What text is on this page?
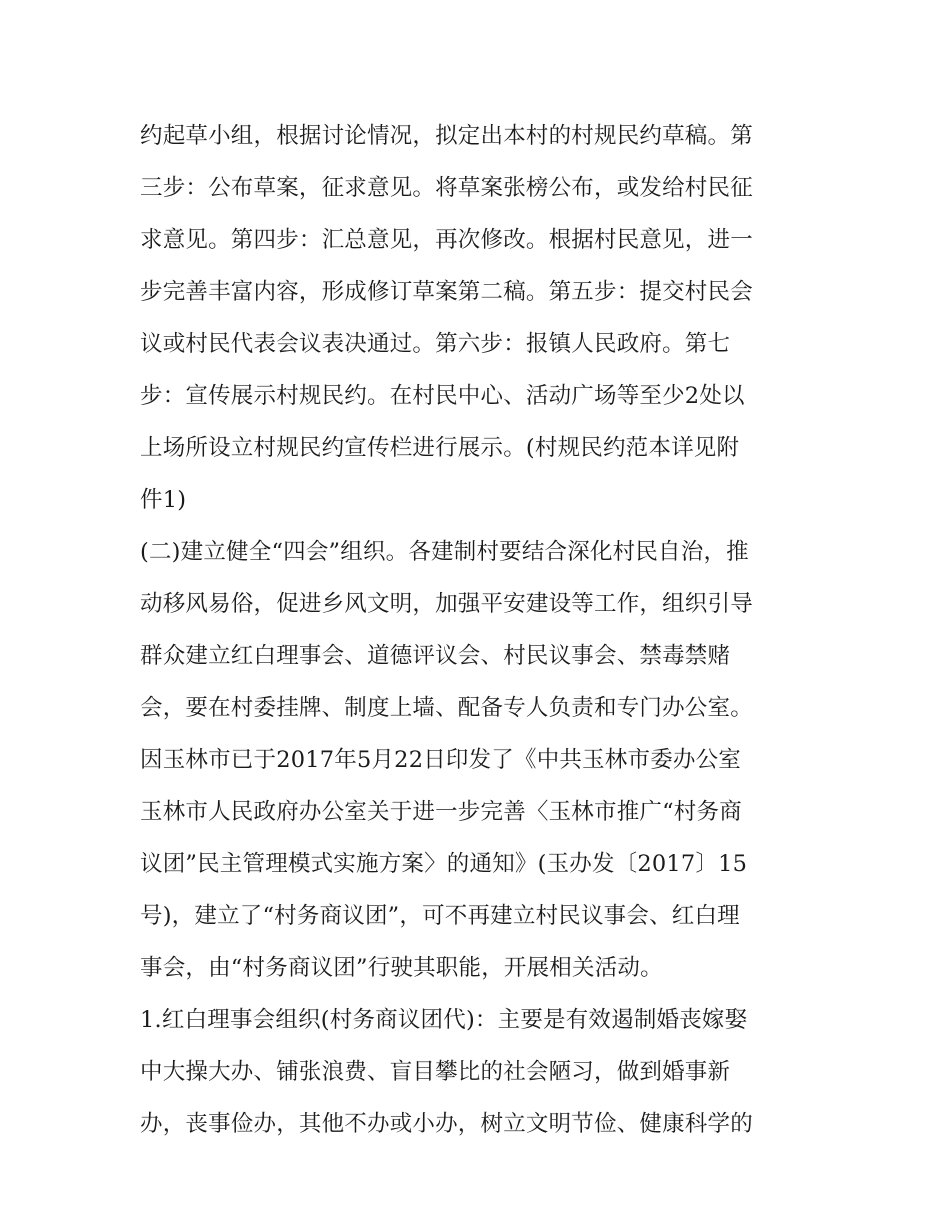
约起草小组，根据讨论情况，拟定出本村的村规民约草稿。第
三步：公布草案，征求意见。将草案张榜公布，或发给村民征
求意见。第四步：汇总意见，再次修改。根据村民意见，进一
步完善丰富内容，形成修订草案第二稿。第五步：提交村民会
议或村民代表会议表决通过。第六步：报镇人民政府。第七
步：宣传展示村规民约。在村民中心、活动广场等至少2处以
上场所设立村规民约宣传栏进行展示。(村规民约范本详见附
件1)
(二)建立健全“四会”组织。各建制村要结合深化村民自治，推
动移风易俗，促进乡风文明，加强平安建设等工作，组织引导
群众建立红白理事会、道德评议会、村民议事会、禁毒禁赌
会，要在村委挂牌、制度上墙、配备专人负责和专门办公室。
因玉林市已于2017年5月22日印发了《中共玉林市委办公室
玉林市人民政府办公室关于进一步完善〈玉林市推广“村务商
议团”民主管理模式实施方案〉的通知》(玉办发〔2017〕15
号)，建立了“村务商议团”，可不再建立村民议事会、红白理
事会，由“村务商议团”行驶其职能，开展相关活动。
1.红白理事会组织(村务商议团代)：主要是有效遏制婚丧嫁娶
中大操大办、铺张浪费、盲目攀比的社会陋习，做到婚事新
办，丧事俭办，其他不办或小办，树立文明节俭、健康科学的
